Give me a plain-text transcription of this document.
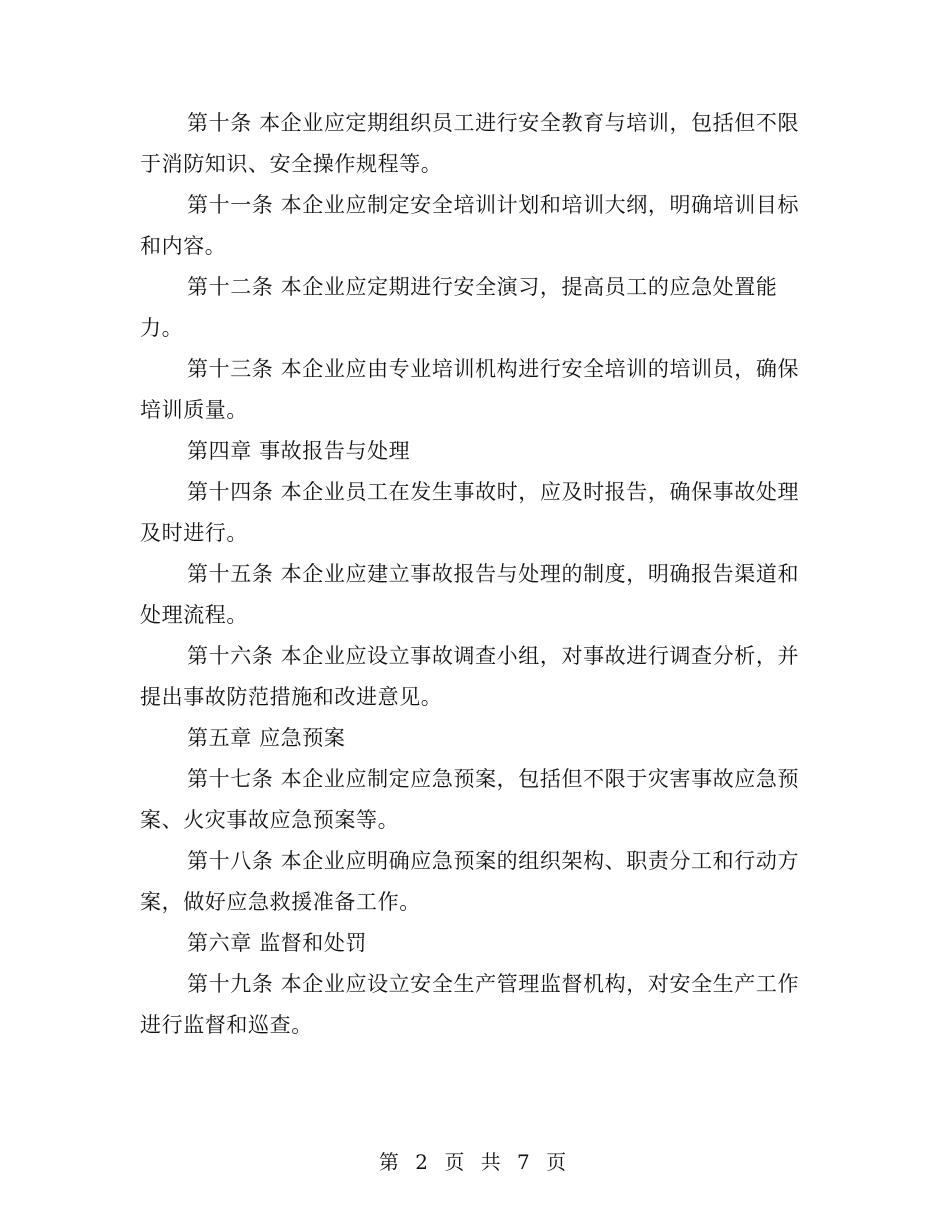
第十条 本企业应定期组织员工进行安全教育与培训，包括但不限于消防知识、安全操作规程等。

第十一条 本企业应制定安全培训计划和培训大纲，明确培训目标和内容。

第十二条 本企业应定期进行安全演习，提高员工的应急处置能力。

第十三条 本企业应由专业培训机构进行安全培训的培训员，确保培训质量。

第四章 事故报告与处理

第十四条 本企业员工在发生事故时，应及时报告，确保事故处理及时进行。

第十五条 本企业应建立事故报告与处理的制度，明确报告渠道和处理流程。

第十六条 本企业应设立事故调查小组，对事故进行调查分析，并提出事故防范措施和改进意见。

第五章 应急预案

第十七条 本企业应制定应急预案，包括但不限于灾害事故应急预案、火灾事故应急预案等。

第十八条 本企业应明确应急预案的组织架构、职责分工和行动方案，做好应急救援准备工作。

第六章 监督和处罚

第十九条 本企业应设立安全生产管理监督机构，对安全生产工作进行监督和巡查。

第 2 页 共 7 页
